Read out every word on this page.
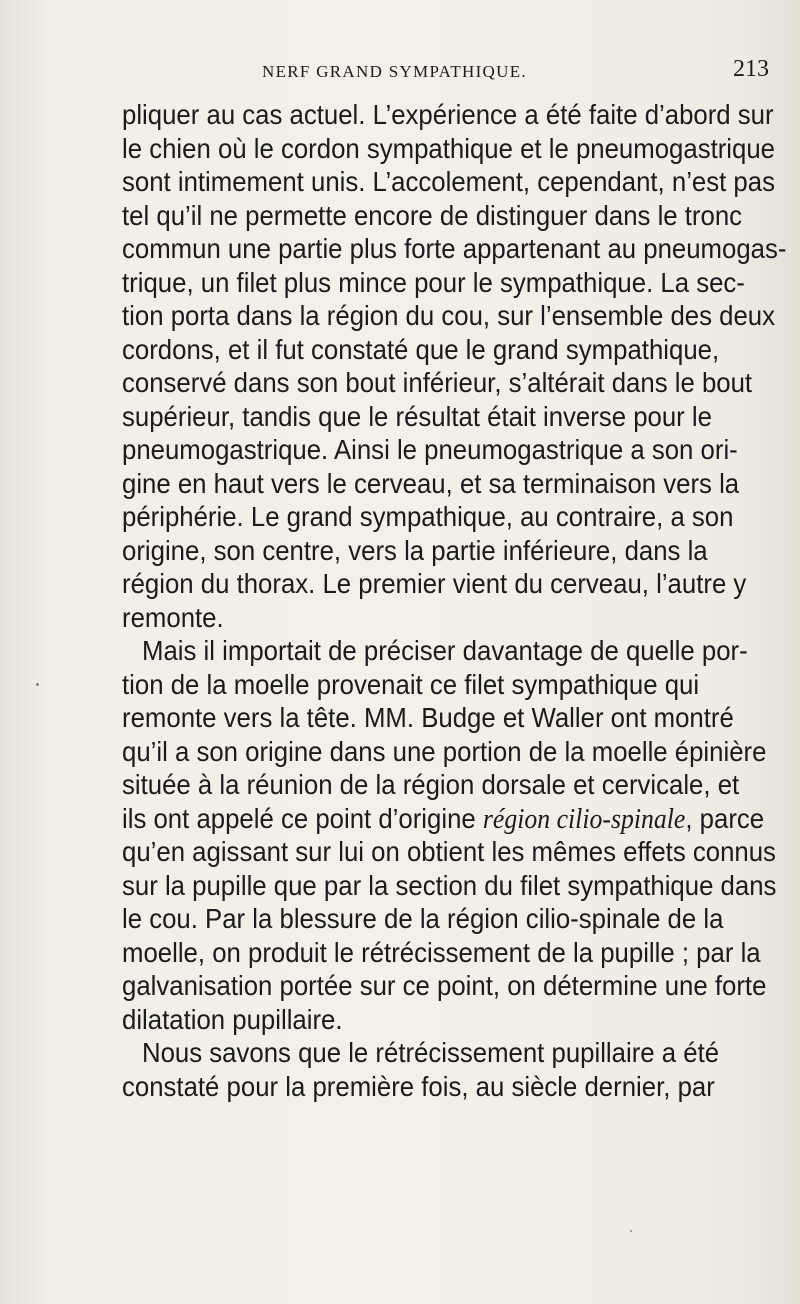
NERF GRAND SYMPATHIQUE.	213
pliquer au cas actuel. L’expérience a été faite d’abord sur
le chien où le cordon sympathique et le pneumogastrique
sont intimement unis. L’accolement, cependant, n’est pas
tel qu’il ne permette encore de distinguer dans le tronc
commun une partie plus forte appartenant au pneumogas-
trique, un filet plus mince pour le sympathique. La sec-
tion porta dans la région du cou, sur l’ensemble des deux
cordons, et il fut constaté que le grand sympathique,
conservé dans son bout inférieur, s’altérait dans le bout
supérieur, tandis que le résultat était inverse pour le
pneumogastrique. Ainsi le pneumogastrique a son ori-
gine en haut vers le cerveau, et sa terminaison vers la
périphérie. Le grand sympathique, au contraire, a son
origine, son centre, vers la partie inférieure, dans la
région du thorax. Le premier vient du cerveau, l’autre y
remonte.
Mais il importait de préciser davantage de quelle por-
tion de la moelle provenait ce filet sympathique qui
remonte vers la tête. MM. Budge et Waller ont montré
qu’il a son origine dans une portion de la moelle épinière
située à la réunion de la région dorsale et cervicale, et
ils ont appelé ce point d’origine région cilio-spinale, parce
qu’en agissant sur lui on obtient les mêmes effets connus
sur la pupille que par la section du filet sympathique dans
le cou. Par la blessure de la région cilio-spinale de la
moelle, on produit le rétrécissement de la pupille ; par la
galvanisation portée sur ce point, on détermine une forte
dilatation pupillaire.
Nous savons que le rétrécissement pupillaire a été
constaté pour la première fois, au siècle dernier, par
